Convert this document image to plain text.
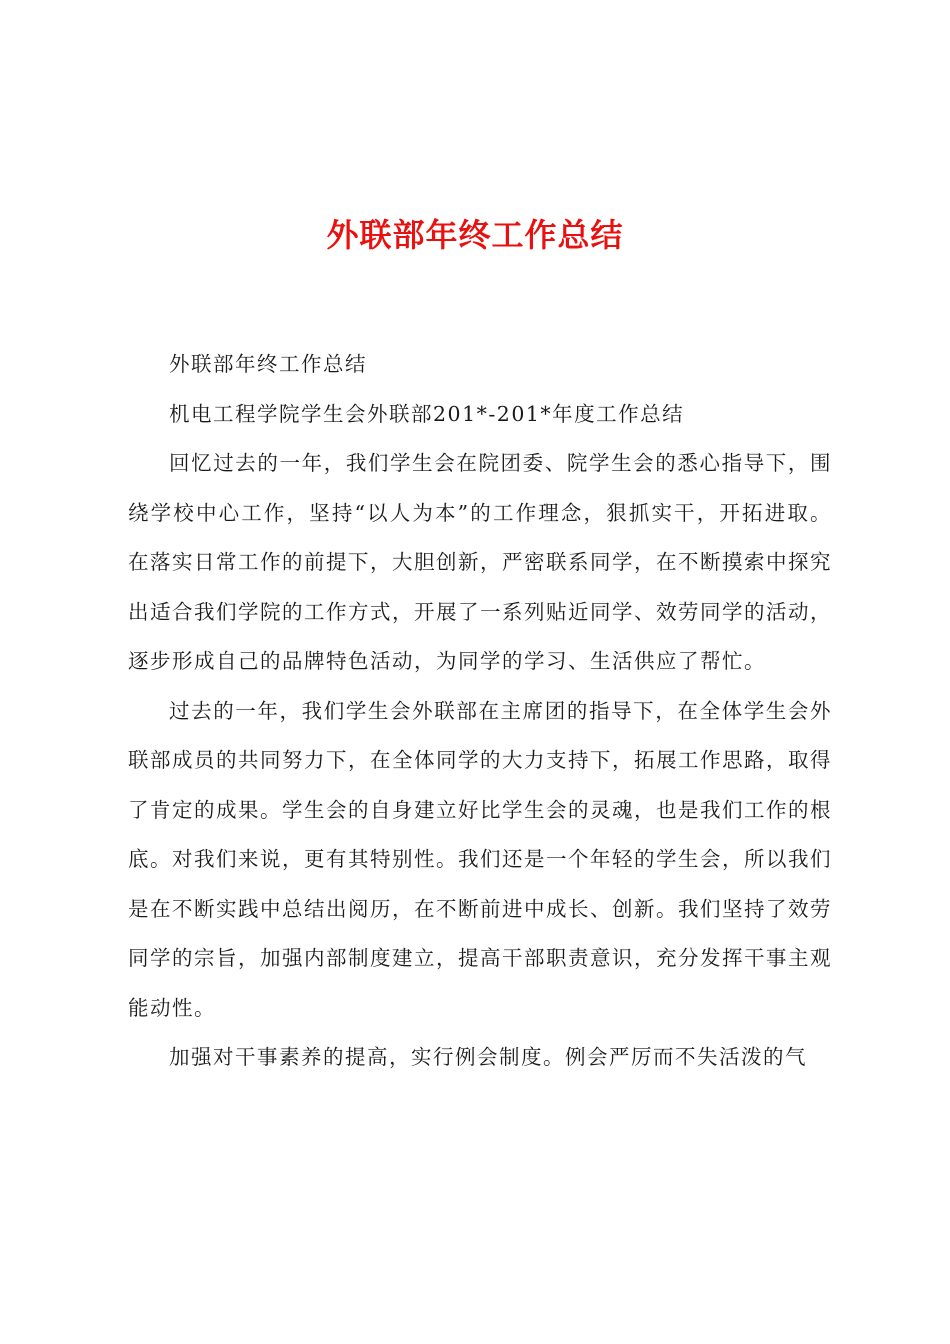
外联部年终工作总结

外联部年终工作总结

机电工程学院学生会外联部201*-201*年度工作总结

回忆过去的一年，我们学生会在院团委、院学生会的悉心指导下，围绕学校中心工作，坚持“以人为本”的工作理念，狠抓实干，开拓进取。在落实日常工作的前提下，大胆创新，严密联系同学，在不断摸索中探究出适合我们学院的工作方式，开展了一系列贴近同学、效劳同学的活动，逐步形成自己的品牌特色活动，为同学的学习、生活供应了帮忙。

过去的一年，我们学生会外联部在主席团的指导下，在全体学生会外联部成员的共同努力下，在全体同学的大力支持下，拓展工作思路，取得了肯定的成果。学生会的自身建立好比学生会的灵魂，也是我们工作的根底。对我们来说，更有其特别性。我们还是一个年轻的学生会，所以我们是在不断实践中总结出阅历，在不断前进中成长、创新。我们坚持了效劳同学的宗旨，加强内部制度建立，提高干部职责意识，充分发挥干事主观能动性。

加强对干事素养的提高，实行例会制度。例会严厉而不失活泼的气
